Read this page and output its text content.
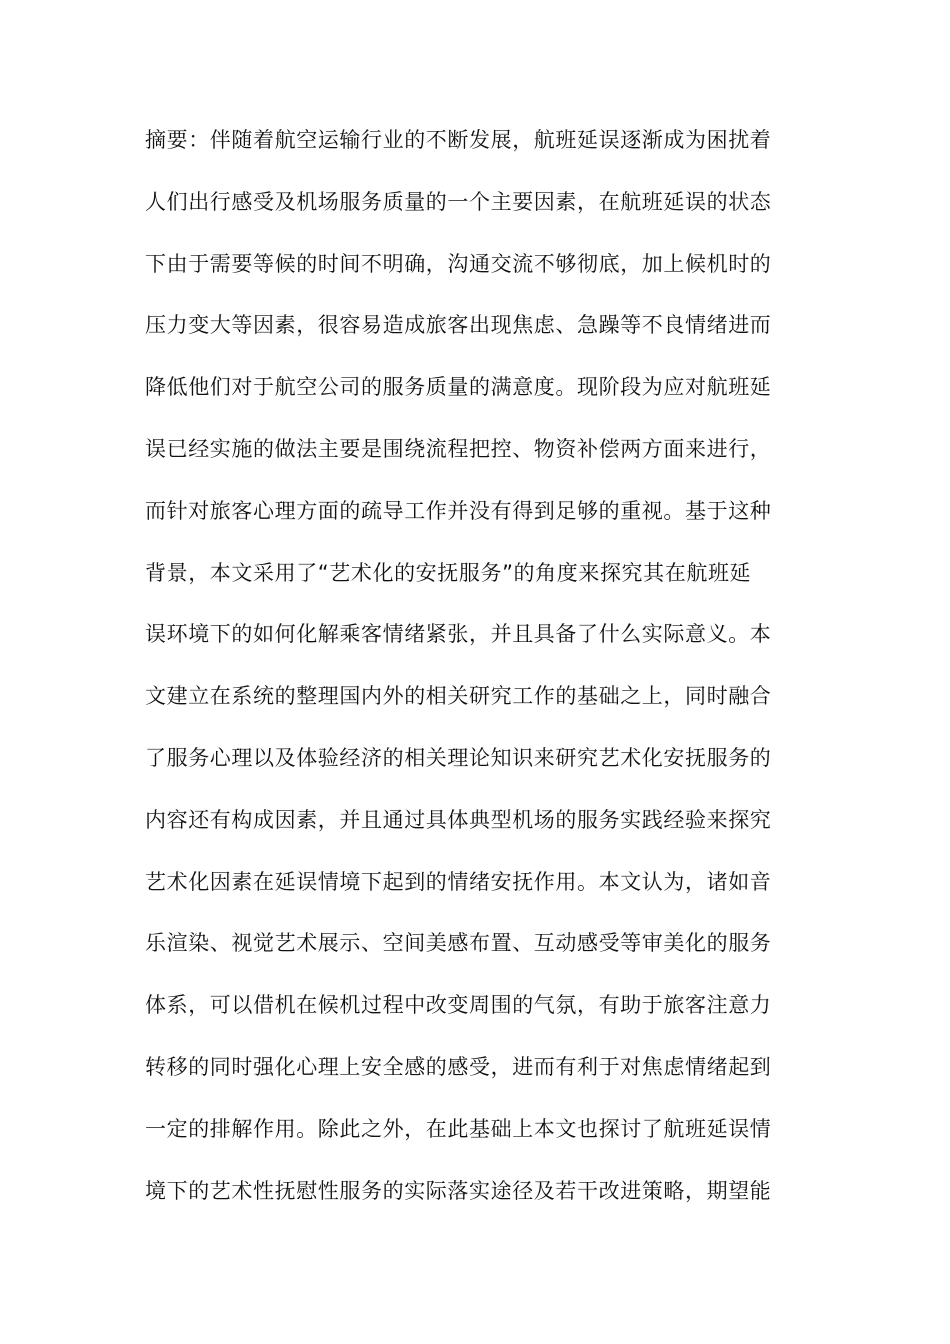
摘要：伴随着航空运输行业的不断发展，航班延误逐渐成为困扰着
人们出行感受及机场服务质量的一个主要因素，在航班延误的状态
下由于需要等候的时间不明确，沟通交流不够彻底，加上候机时的
压力变大等因素，很容易造成旅客出现焦虑、急躁等不良情绪进而
降低他们对于航空公司的服务质量的满意度。现阶段为应对航班延
误已经实施的做法主要是围绕流程把控、物资补偿两方面来进行，
而针对旅客心理方面的疏导工作并没有得到足够的重视。基于这种
背景，本文采用了“艺术化的安抚服务”的角度来探究其在航班延
误环境下的如何化解乘客情绪紧张，并且具备了什么实际意义。本
文建立在系统的整理国内外的相关研究工作的基础之上，同时融合
了服务心理以及体验经济的相关理论知识来研究艺术化安抚服务的
内容还有构成因素，并且通过具体典型机场的服务实践经验来探究
艺术化因素在延误情境下起到的情绪安抚作用。本文认为，诸如音
乐渲染、视觉艺术展示、空间美感布置、互动感受等审美化的服务
体系，可以借机在候机过程中改变周围的气氛，有助于旅客注意力
转移的同时强化心理上安全感的感受，进而有利于对焦虑情绪起到
一定的排解作用。除此之外，在此基础上本文也探讨了航班延误情
境下的艺术性抚慰性服务的实际落实途径及若干改进策略，期望能
